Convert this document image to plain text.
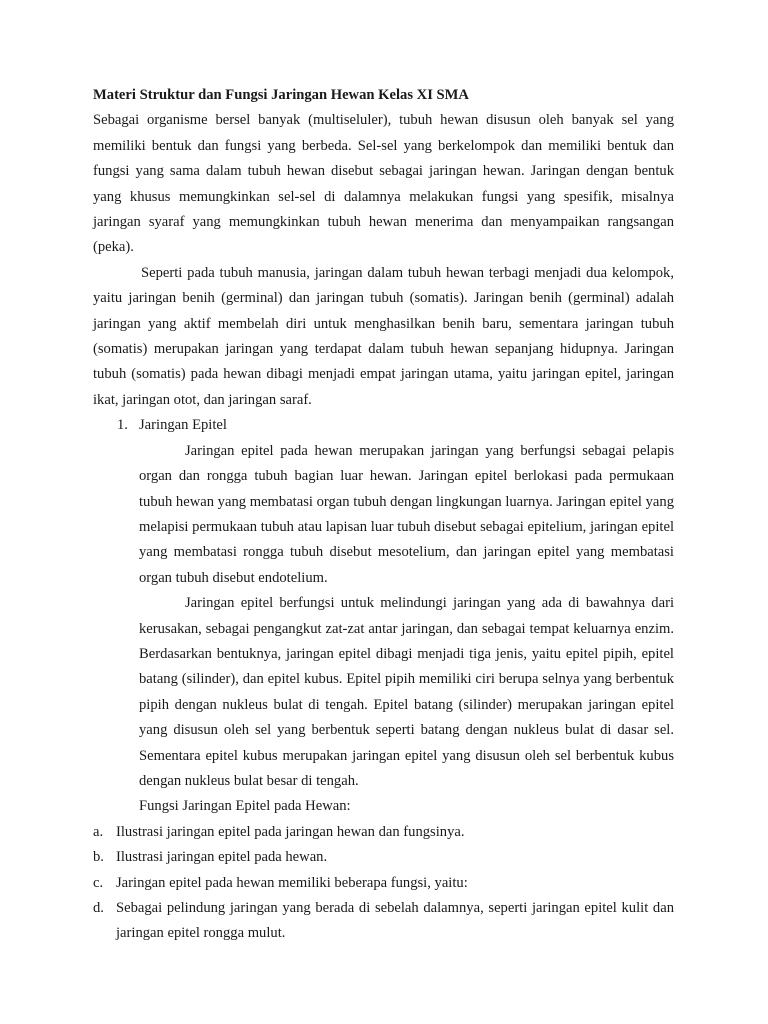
Materi Struktur dan Fungsi Jaringan Hewan Kelas XI SMA

Sebagai organisme bersel banyak (multiseluler), tubuh hewan disusun oleh banyak sel yang memiliki bentuk dan fungsi yang berbeda. Sel-sel yang berkelompok dan memiliki bentuk dan fungsi yang sama dalam tubuh hewan disebut sebagai jaringan hewan. Jaringan dengan bentuk yang khusus memungkinkan sel-sel di dalamnya melakukan fungsi yang spesifik, misalnya jaringan syaraf yang memungkinkan tubuh hewan menerima dan menyampaikan rangsangan (peka).

Seperti pada tubuh manusia, jaringan dalam tubuh hewan terbagi menjadi dua kelompok, yaitu jaringan benih (germinal) dan jaringan tubuh (somatis). Jaringan benih (germinal) adalah jaringan yang aktif membelah diri untuk menghasilkan benih baru, sementara jaringan tubuh (somatis) merupakan jaringan yang terdapat dalam tubuh hewan sepanjang hidupnya. Jaringan tubuh (somatis) pada hewan dibagi menjadi empat jaringan utama, yaitu jaringan epitel, jaringan ikat, jaringan otot, dan jaringan saraf.

1. Jaringan Epitel

Jaringan epitel pada hewan merupakan jaringan yang berfungsi sebagai pelapis organ dan rongga tubuh bagian luar hewan. Jaringan epitel berlokasi pada permukaan tubuh hewan yang membatasi organ tubuh dengan lingkungan luarnya. Jaringan epitel yang melapisi permukaan tubuh atau lapisan luar tubuh disebut sebagai epitelium, jaringan epitel yang membatasi rongga tubuh disebut mesotelium, dan jaringan epitel yang membatasi organ tubuh disebut endotelium.

Jaringan epitel berfungsi untuk melindungi jaringan yang ada di bawahnya dari kerusakan, sebagai pengangkut zat-zat antar jaringan, dan sebagai tempat keluarnya enzim. Berdasarkan bentuknya, jaringan epitel dibagi menjadi tiga jenis, yaitu epitel pipih, epitel batang (silinder), dan epitel kubus. Epitel pipih memiliki ciri berupa selnya yang berbentuk pipih dengan nukleus bulat di tengah. Epitel batang (silinder) merupakan jaringan epitel yang disusun oleh sel yang berbentuk seperti batang dengan nukleus bulat di dasar sel. Sementara epitel kubus merupakan jaringan epitel yang disusun oleh sel berbentuk kubus dengan nukleus bulat besar di tengah.

Fungsi Jaringan Epitel pada Hewan:

a. Ilustrasi jaringan epitel pada jaringan hewan dan fungsinya.
b. Ilustrasi jaringan epitel pada hewan.
c. Jaringan epitel pada hewan memiliki beberapa fungsi, yaitu:
d. Sebagai pelindung jaringan yang berada di sebelah dalamnya, seperti jaringan epitel kulit dan jaringan epitel rongga mulut.
